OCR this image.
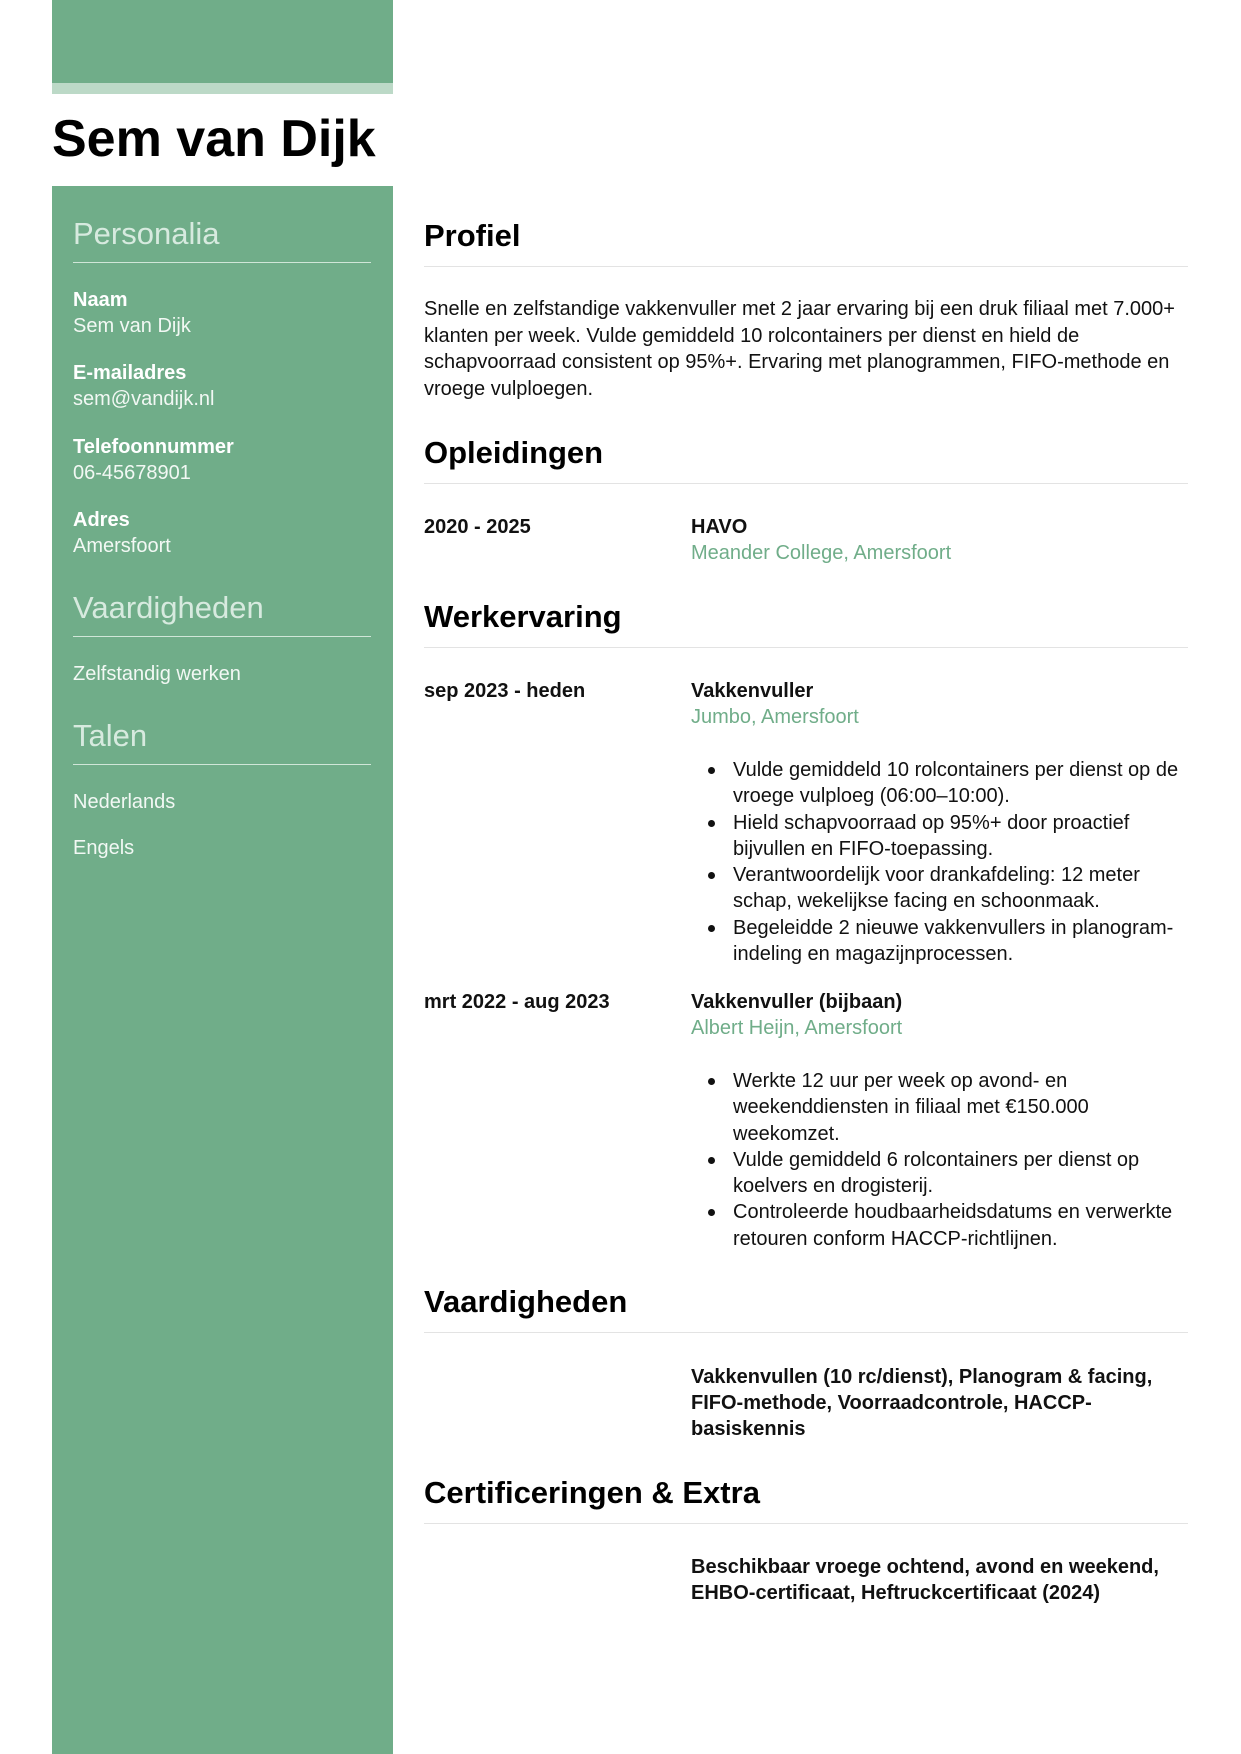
Sem van Dijk
Personalia
Naam
Sem van Dijk
E-mailadres
sem@vandijk.nl
Telefoonnummer
06-45678901
Adres
Amersfoort
Vaardigheden
Zelfstandig werken
Talen
Nederlands
Engels
Profiel
Snelle en zelfstandige vakkenvuller met 2 jaar ervaring bij een druk filiaal met 7.000+ klanten per week. Vulde gemiddeld 10 rolcontainers per dienst en hield de schapvoorraad consistent op 95%+. Ervaring met planogrammen, FIFO-methode en vroege vulploegen.
Opleidingen
2020 - 2025	HAVO
Meander College, Amersfoort
Werkervaring
sep 2023 - heden	Vakkenvuller
Jumbo, Amersfoort
Vulde gemiddeld 10 rolcontainers per dienst op de vroege vulploeg (06:00–10:00).
Hield schapvoorraad op 95%+ door proactief bijvullen en FIFO-toepassing.
Verantwoordelijk voor drankafdeling: 12 meter schap, wekelijkse facing en schoonmaak.
Begeleidde 2 nieuwe vakkenvullers in planogram-indeling en magazijnprocessen.
mrt 2022 - aug 2023	Vakkenvuller (bijbaan)
Albert Heijn, Amersfoort
Werkte 12 uur per week op avond- en weekenddiensten in filiaal met €150.000 weekomzet.
Vulde gemiddeld 6 rolcontainers per dienst op koelvers en drogisterij.
Controleerde houdbaarheidsdatums en verwerkte retouren conform HACCP-richtlijnen.
Vaardigheden
Vakkenvullen (10 rc/dienst), Planogram & facing, FIFO-methode, Voorraadcontrole, HACCP-basiskennis
Certificeringen & Extra
Beschikbaar vroege ochtend, avond en weekend, EHBO-certificaat, Heftruckcertificaat (2024)
